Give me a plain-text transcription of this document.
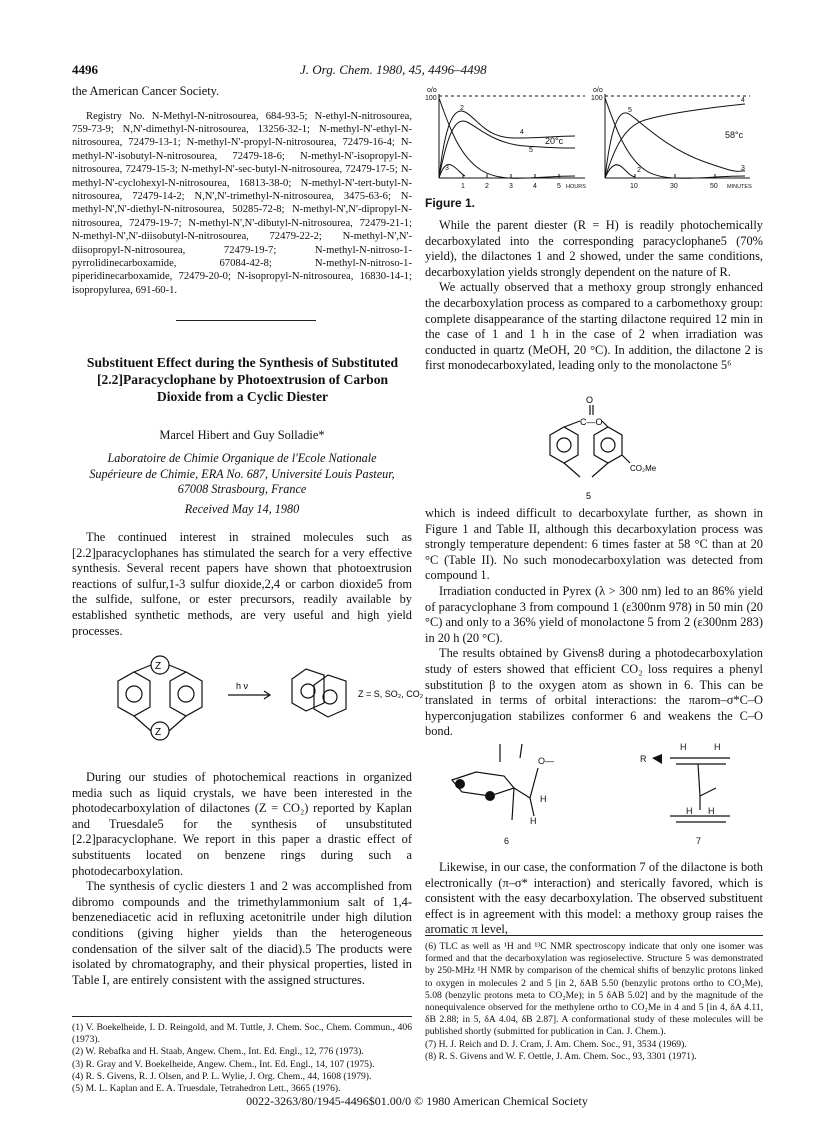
4496	J. Org. Chem. 1980, 45, 4496–4498

the American Cancer Society.

Registry No. N-Methyl-N-nitrosourea, 684-93-5; N-ethyl-N-nitrosourea, 759-73-9; N,N'-dimethyl-N-nitrosourea, 13256-32-1; N-methyl-N'-ethyl-N-nitrosourea, 72479-13-1; N-methyl-N'-propyl-N-nitrosourea, 72479-16-4; N-methyl-N'-isobutyl-N-nitrosourea, 72479-18-6; N-methyl-N'-isopropyl-N-nitrosourea, 72479-15-3; N-methyl-N'-sec-butyl-N-nitrosourea, 72479-17-5; N-methyl-N'-cyclohexyl-N-nitrosourea, 16813-38-0; N-methyl-N'-tert-butyl-N-nitrosourea, 72479-14-2; N,N',N'-trimethyl-N-nitrosourea, 3475-63-6; N-methyl-N',N'-diethyl-N-nitrosourea, 50285-72-8; N-methyl-N',N'-dipropyl-N-nitrosourea, 72479-19-7; N-methyl-N',N'-dibutyl-N-nitrosourea, 72479-21-1; N-methyl-N',N'-diisobutyl-N-nitrosourea, 72479-22-2; N-methyl-N',N'-diisopropyl-N-nitrosourea, 72479-19-7; N-methyl-N-nitroso-1-pyrrolidinecarboxamide, 67084-42-8; N-methyl-N-nitroso-1-piperidinecarboxamide, 72479-20-0; N-isopropyl-N-nitrosourea, 16830-14-1; isopropylurea, 691-60-1.

Substituent Effect during the Synthesis of Substituted [2.2]Paracyclophane by Photoextrusion of Carbon Dioxide from a Cyclic Diester
Marcel Hibert and Guy Solladie*
Laboratoire de Chimie Organique de l'Ecole Nationale Supérieure de Chimie, ERA No. 687, Université Louis Pasteur, 67008 Strasbourg, France
Received May 14, 1980

The continued interest in strained molecules such as [2.2]paracyclophanes has stimulated the search for a very effective synthesis. Several recent papers have shown that photoextrusion reactions of sulfur,1-3 sulfur dioxide,2,4 or carbon dioxide5 from the sulfide, sulfone, or ester precursors, readily available by established synthetic methods, are very useful and high yield processes.

Z
Z
h ν
Z = S, SO₂, CO₂

During our studies of photochemical reactions in organized media such as liquid crystals, we have been interested in the photodecarboxylation of dilactones (Z = CO₂) reported by Kaplan and Truesdale5 for the synthesis of unsubstituted [2.2]paracyclophane. We report in this paper a drastic effect of substituents located on benzene rings during such a photodecarboxylation.

The synthesis of cyclic diesters 1 and 2 was accomplished from dibromo compounds and the trimethylammonium salt of 1,4-benzenediacetic acid in refluxing acetonitrile under high dilution conditions (giving higher yields than the heterogeneous condensation of the silver salt of the diacid).5 The products were isolated by chromatography, and their physical properties, listed in Table I, are entirely consistent with the assigned structures.

(1) V. Boekelheide, I. D. Reingold, and M. Tuttle, J. Chem. Soc., Chem. Commun., 406 (1973).

(2) W. Rebafka and H. Staab, Angew. Chem., Int. Ed. Engl., 12, 776 (1973).

(3) R. Gray and V. Boekelheide, Angew. Chem., Int. Ed. Engl., 14, 107 (1975).

(4) R. S. Givens, R. J. Olsen, and P. L. Wylie, J. Org. Chem., 44, 1608 (1979).

(5) M. L. Kaplan and E. A. Truesdale, Tetrahedron Lett., 3665 (1976).

o/o
100
20°c
1	2	3	4	5 HOURS
4
2
5
3
o/o
100
58°c
10	30	50 MINUTES
4
5
2	3
Figure 1.

While the parent diester (R = H) is readily photochemically decarboxylated into the corresponding paracyclophane5 (70% yield), the dilactones 1 and 2 showed, under the same conditions, decarboxylation yields strongly dependent on the nature of R.

We actually observed that a methoxy group strongly enhanced the decarboxylation process as compared to a carbomethoxy group: complete disappearance of the starting dilactone required 12 min in the case of 1 and 1 h in the case of 2 when irradiation was conducted in quartz (MeOH, 20 °C). In addition, the dilactone 2 is first monodecarboxylated, leading only to the monolactone 5⁶

O
C—O
CO₂Me
5

which is indeed difficult to decarboxylate further, as shown in Figure 1 and Table II, although this decarboxylation process was strongly temperature dependent: 6 times faster at 58 °C than at 20 °C (Table II). No such monodecarboxylation was detected from compound 1.

Irradiation conducted in Pyrex (λ > 300 nm) led to an 86% yield of paracyclophane 3 from compound 1 (ε300nm 978) in 50 min (20 °C) and only to a 36% yield of monolactone 5 from 2 (ε300nm 283) in 20 h (20 °C).

The results obtained by Givens8 during a photodecarboxylation study of esters showed that efficient CO₂ loss requires a phenyl substitution β to the oxygen atom as shown in 6. This can be translated in terms of orbital interactions: the πarom–σ*C–O hyperconjugation stabilizes conformer 6 and weakens the C–O bond.

O—
H
H
6
R
H	H
H H
7

Likewise, in our case, the conformation 7 of the dilactone is both electronically (π–σ* interaction) and sterically favored, which is consistent with the easy decarboxylation. The observed substituent effect is in agreement with this model: a methoxy group raises the aromatic π level,

(6) TLC as well as ¹H and ¹³C NMR spectroscopy indicate that only one isomer was formed and that the decarboxylation was regioselective. Structure 5 was demonstrated by 250-MHz ¹H NMR by comparison of the chemical shifts of benzylic protons linked to oxygen in molecules 2 and 5 [in 2, δAB 5.50 (benzylic protons ortho to CO₂Me), 5.08 (benzylic protons meta to CO₂Me); in 5 δAB 5.02] and by the magnitude of the nonequivalence observed for the methylene ortho to CO₂Me in 4 and 5 [in 4, δA 4.11, δB 2.88; in 5, δA 4.04, δB 2.87]. A conformational study of these molecules will be published shortly (submitted for publication in Can. J. Chem.).

(7) H. J. Reich and D. J. Cram, J. Am. Chem. Soc., 91, 3534 (1969).

(8) R. S. Givens and W. F. Oettle, J. Am. Chem. Soc., 93, 3301 (1971).

0022-3263/80/1945-4496$01.00/0 © 1980 American Chemical Society
